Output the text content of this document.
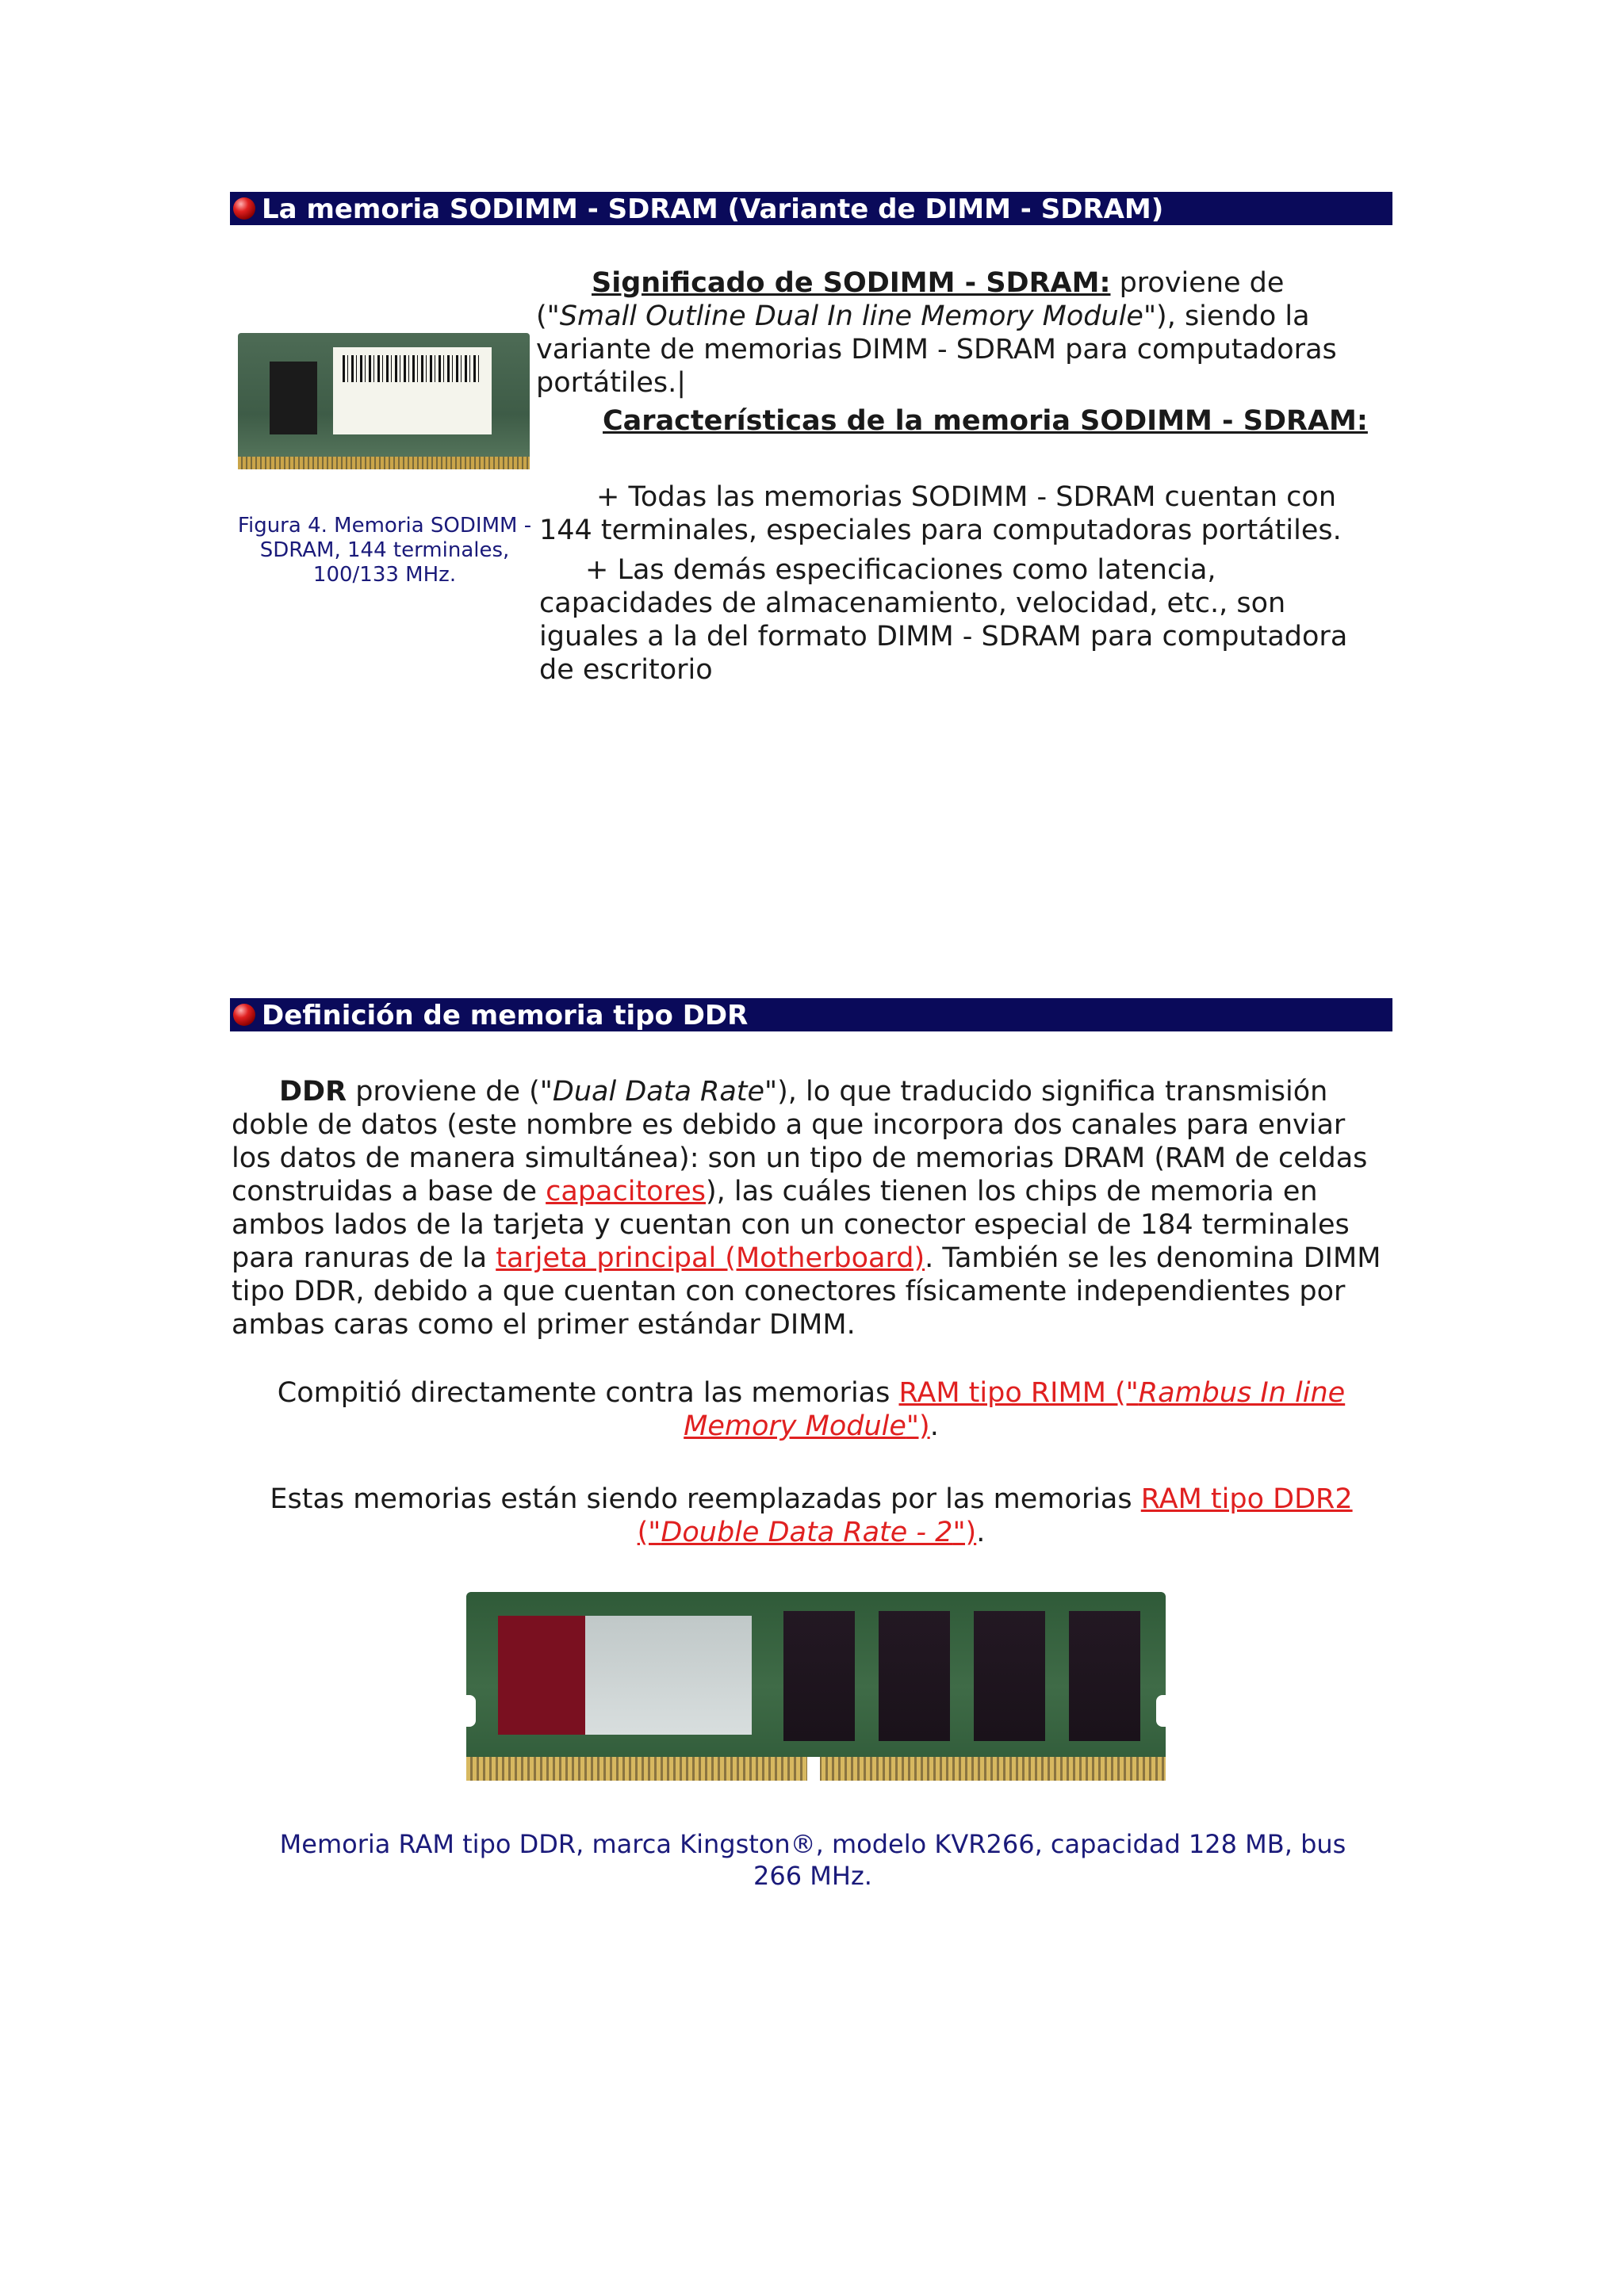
La memoria SODIMM - SDRAM (Variante de DIMM - SDRAM)
Figura 4. Memoria SODIMM - SDRAM, 144 terminales, 100/133 MHz.
Significado de SODIMM - SDRAM: proviene de ("Small Outline Dual In line Memory Module"), siendo la variante de memorias DIMM - SDRAM para computadoras portátiles.|
Características de la memoria SODIMM - SDRAM:
+ Todas las memorias SODIMM - SDRAM cuentan con 144 terminales, especiales para computadoras portátiles.
+ Las demás especificaciones como latencia, capacidades de almacenamiento, velocidad, etc., son iguales a la del formato DIMM - SDRAM para computadora de escritorio
Definición de memoria tipo DDR
DDR proviene de ("Dual Data Rate"), lo que traducido significa transmisión doble de datos (este nombre es debido a que incorpora dos canales para enviar los datos de manera simultánea): son un tipo de memorias DRAM (RAM de celdas construidas a base de capacitores), las cuáles tienen los chips de memoria en ambos lados de la tarjeta y cuentan con un conector especial de 184 terminales para ranuras de la tarjeta principal (Motherboard). También se les denomina DIMM tipo DDR, debido a que cuentan con conectores físicamente independientes por ambas caras como el primer estándar DIMM.
Compitió directamente contra las memorias RAM tipo RIMM ("Rambus In line Memory Module").
Estas memorias están siendo reemplazadas por las memorias RAM tipo DDR2 ("Double Data Rate - 2").
Memoria RAM tipo DDR, marca Kingston®, modelo KVR266, capacidad 128 MB, bus 266 MHz.
